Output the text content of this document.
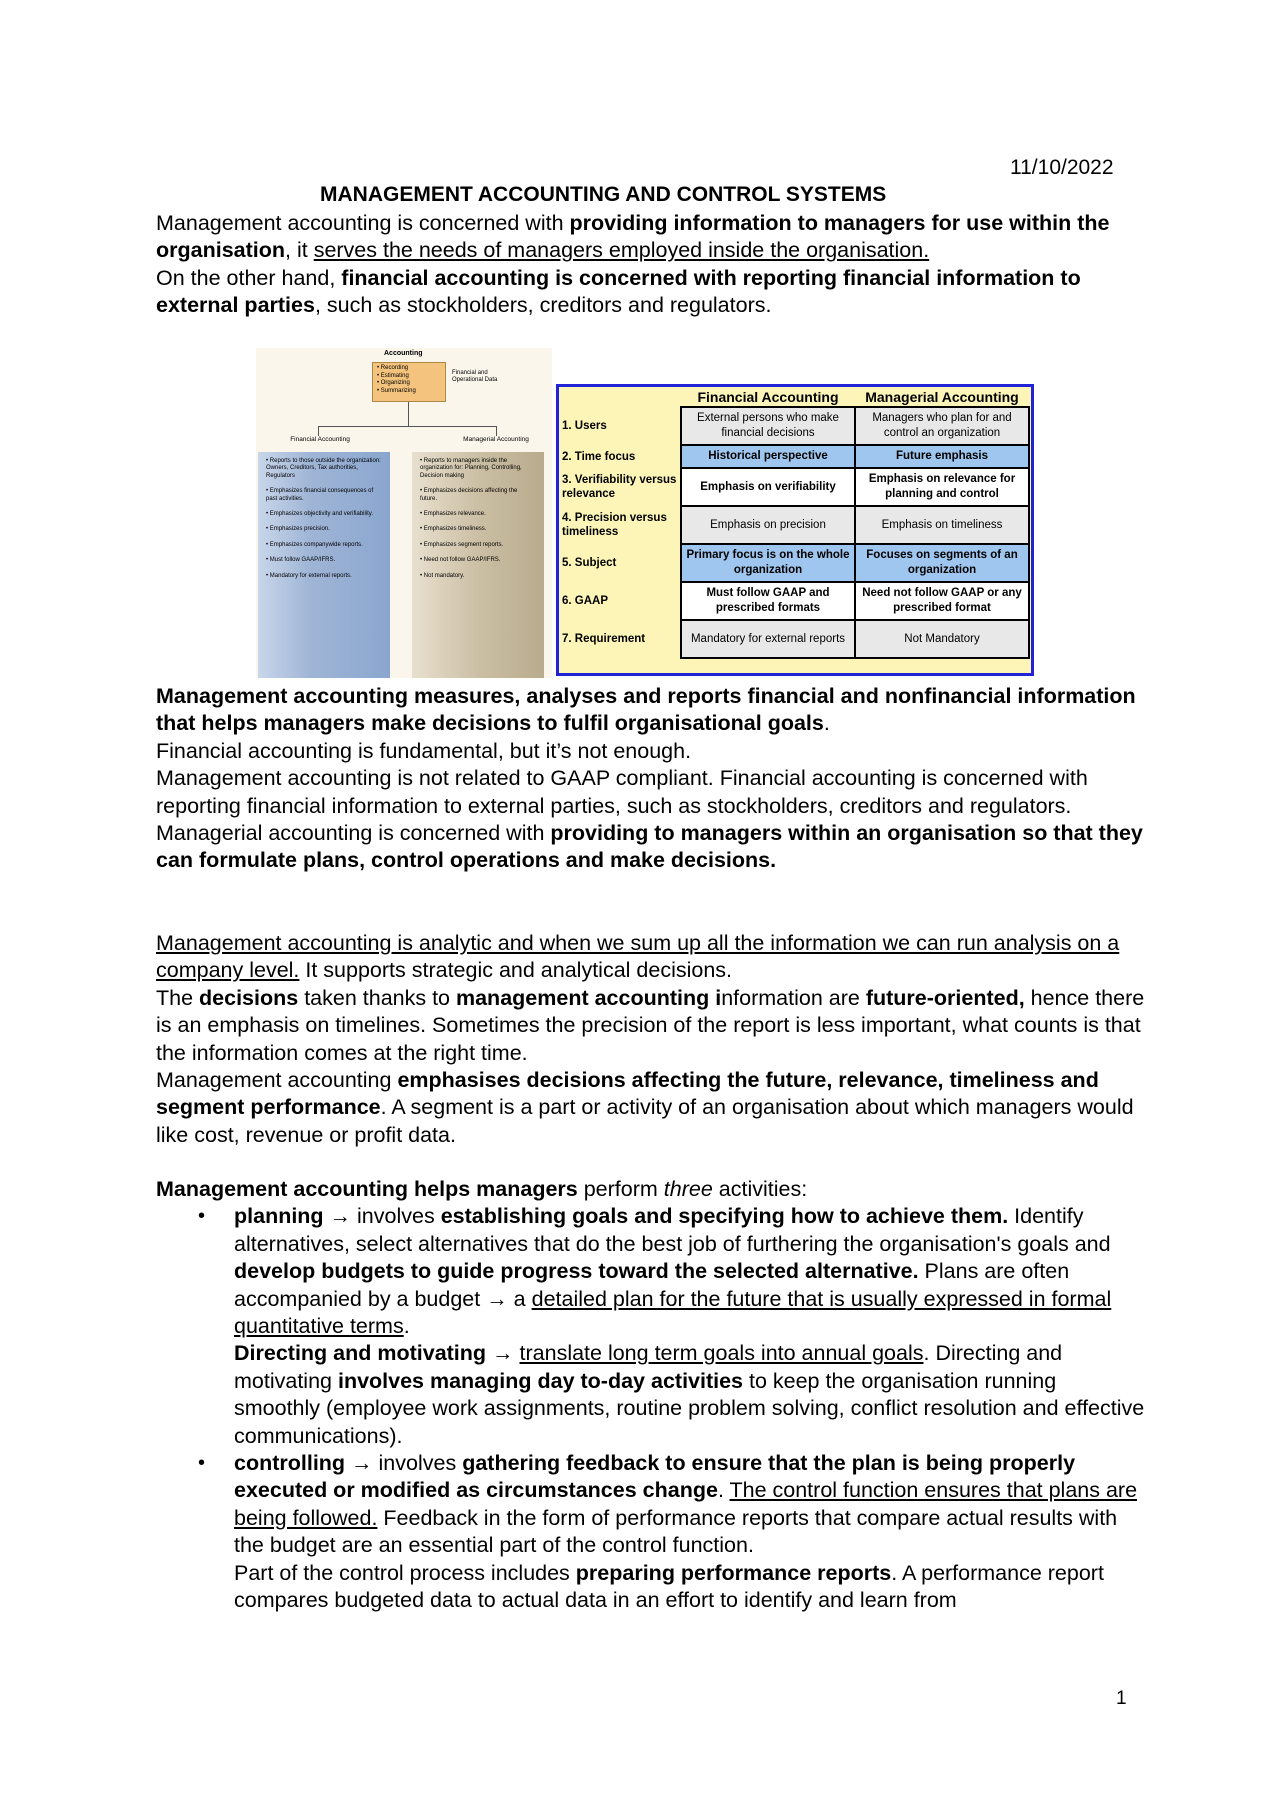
11/10/2022
MANAGEMENT ACCOUNTING AND CONTROL SYSTEMS

Management accounting is concerned with providing information to managers for use within the organisation, it serves the needs of managers employed inside the organisation.

On the other hand, financial accounting is concerned with reporting financial information to external parties, such as stockholders, creditors and regulators.

Accounting
• Recording
• Estimating
• Organizing
• Summarizing
Financial and Operational Data
Financial Accounting	Managerial Accounting

• Reports to those outside the organization: Owners, Creditors, Tax authorities, Regulators

• Emphasizes financial consequences of past activities.

• Emphasizes objectivity and verifiability.

• Emphasizes precision.

• Emphasizes companywide reports.

• Must follow GAAP/IFRS.

• Mandatory for external reports.

• Reports to managers inside the organization for: Planning, Controlling, Decision making

• Emphasizes decisions affecting the future.

• Emphasizes relevance.

• Emphasizes timeliness.

• Emphasizes segment reports.

• Need not follow GAAP/IFRS.

• Not mandatory.

	Financial Accounting	Managerial Accounting
1. Users	External persons who make financial decisions	Managers who plan for and control an organization
2. Time focus	Historical perspective	Future emphasis
3. Verifiability versus relevance	Emphasis on verifiability	Emphasis on relevance for planning and control
4. Precision versus timeliness	Emphasis on precision	Emphasis on timeliness
5. Subject	Primary focus is on the whole organization	Focuses on segments of an organization
6. GAAP	Must follow GAAP and prescribed formats	Need not follow GAAP or any prescribed format
7. Requirement	Mandatory for external reports	Not Mandatory

Management accounting measures, analyses and reports financial and nonfinancial information that helps managers make decisions to fulfil organisational goals.

Financial accounting is fundamental, but it’s not enough.

Management accounting is not related to GAAP compliant. Financial accounting is concerned with reporting financial information to external parties, such as stockholders, creditors and regulators.

Managerial accounting is concerned with providing to managers within an organisation so that they can formulate plans, control operations and make decisions.

Management accounting is analytic and when we sum up all the information we can run analysis on a company level. It supports strategic and analytical decisions.

The decisions taken thanks to management accounting information are future-oriented, hence there is an emphasis on timelines. Sometimes the precision of the report is less important, what counts is that the information comes at the right time.

Management accounting emphasises decisions affecting the future, relevance, timeliness and segment performance. A segment is a part or activity of an organisation about which managers would like cost, revenue or profit data.

Management accounting helps managers perform three activities:

• planning → involves establishing goals and specifying how to achieve them. Identify alternatives, select alternatives that do the best job of furthering the organisation's goals and develop budgets to guide progress toward the selected alternative. Plans are often accompanied by a budget → a detailed plan for the future that is usually expressed in formal quantitative terms.

Directing and motivating → translate long term goals into annual goals. Directing and motivating involves managing day to-day activities to keep the organisation running smoothly (employee work assignments, routine problem solving, conflict resolution and effective communications).

• controlling → involves gathering feedback to ensure that the plan is being properly executed or modified as circumstances change. The control function ensures that plans are being followed. Feedback in the form of performance reports that compare actual results with the budget are an essential part of the control function.

Part of the control process includes preparing performance reports. A performance report compares budgeted data to actual data in an effort to identify and learn from

1
